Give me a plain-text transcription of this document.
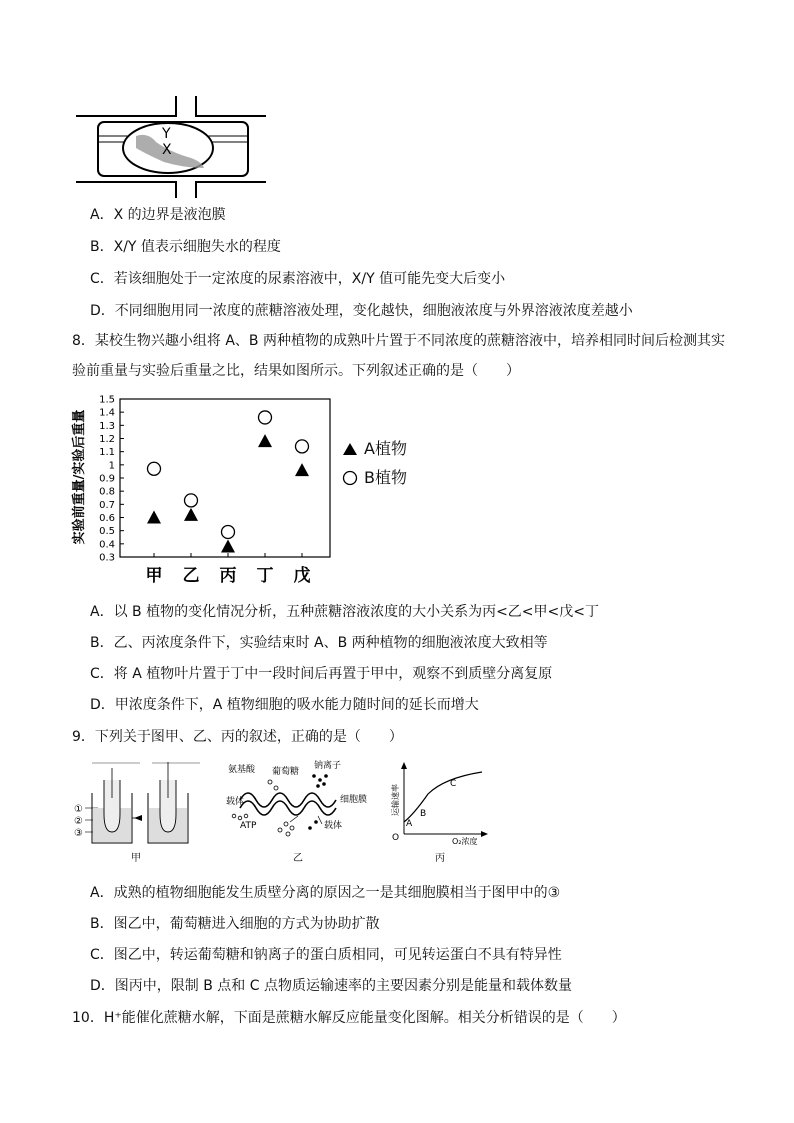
Y
X
A．X 的边界是液泡膜
B．X/Y 值表示细胞失水的程度
C．若该细胞处于一定浓度的尿素溶液中，X/Y 值可能先变大后变小
D．不同细胞用同一浓度的蔗糖溶液处理，变化越快，细胞液浓度与外界溶液浓度差越小
8．某校生物兴趣小组将 A、B 两种植物的成熟叶片置于不同浓度的蔗糖溶液中，培养相同时间后检测其实验前重量与实验后重量之比，结果如图所示。下列叙述正确的是（　　）
实验前重量/实验后重量
0.3
0.4
0.5
0.6
0.7
0.8
0.9
1
1.1
1.2
1.3
1.4
1.5
甲 乙 丙 丁 戊
A植物
B植物
A．以 B 植物的变化情况分析，五种蔗糖溶液浓度的大小关系为丙<乙<甲<戊<丁
B．乙、丙浓度条件下，实验结束时 A、B 两种植物的细胞液浓度大致相等
C．将 A 植物叶片置于丁中一段时间后再置于甲中，观察不到质壁分离复原
D．甲浓度条件下，A 植物细胞的吸水能力随时间的延长而增大
9．下列关于图甲、乙、丙的叙述，正确的是（　　）
①
②
③
甲
氨基酸 葡萄糖
钠离子
载体
ATP
细胞膜
载体
乙
运输速率
O₂浓度
O
A
B
C
丙
A．成熟的植物细胞能发生质壁分离的原因之一是其细胞膜相当于图甲中的③
B．图乙中，葡萄糖进入细胞的方式为协助扩散
C．图乙中，转运葡萄糖和钠离子的蛋白质相同，可见转运蛋白不具有特异性
D．图丙中，限制 B 点和 C 点物质运输速率的主要因素分别是能量和载体数量
10．H⁺能催化蔗糖水解，下面是蔗糖水解反应能量变化图解。相关分析错误的是（　　）
